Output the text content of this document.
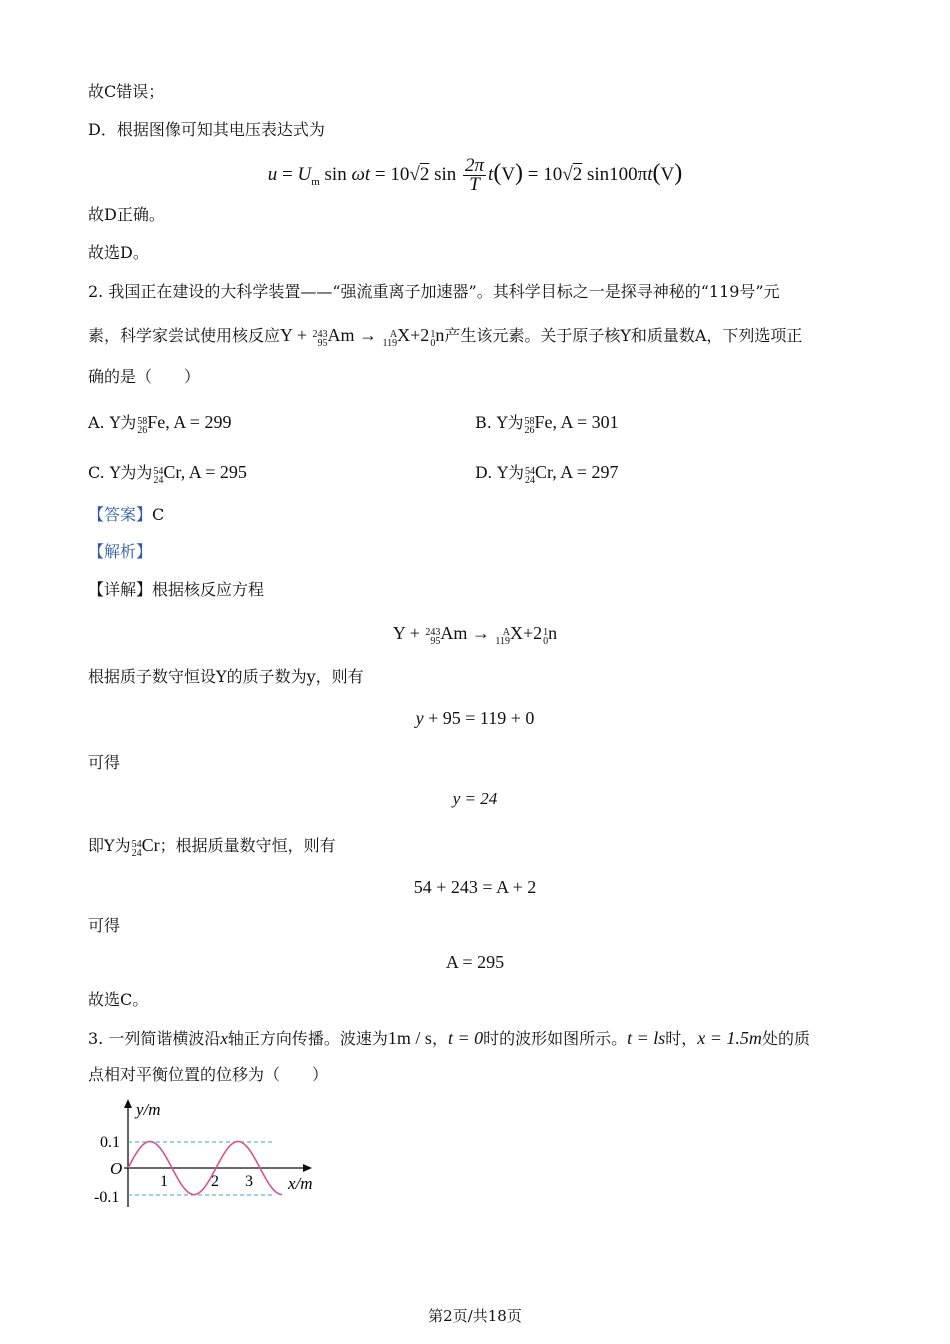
故C错误；
D．根据图像可知其电压表达式为
$u = U_m$ sin ωt = 10√2 $\sin \frac{2\pi}{T} t(V) = 10√2$ sin100πt(V)
故D正确。
故选D。
2. 我国正在建设的大科学装置——“强流重离子加速器”。其科学目标之一是探寻神秘的“119号”元
素，科学家尝试使用核反应Y + 243
95 Am → A
119 X+2 1
0 n产生该元素。关于原子核Y和质量数A，下列选项正
确的是（　　）
A. Y为 58
26 Fe, A = 299	B. Y为 58
26 Fe, A = 301
C. Y为为 54
24 Cr, A = 295	D. Y为 54
24 Cr, A = 297
【答案】C
【解析】
【详解】根据核反应方程
Y + 243
95 Am → A
119 X+2 1
0 n
根据质子数守恒设Y的质子数为y，则有
y + 95 = 119 + 0
可得
y = 24
即Y为 54
24 Cr；根据质量数守恒，则有
54 + 243 = A + 2
可得
A = 295
故选C。
3. 一列简谐横波沿x轴正方向传播。波速为1m / s，t = 0时的波形如图所示。t = ls时，x = 1.5m处的质
点相对平衡位置的位移为（　　）
y/m
x/m
O
0.1
-0.1
1	2 3
第2页/共18页
